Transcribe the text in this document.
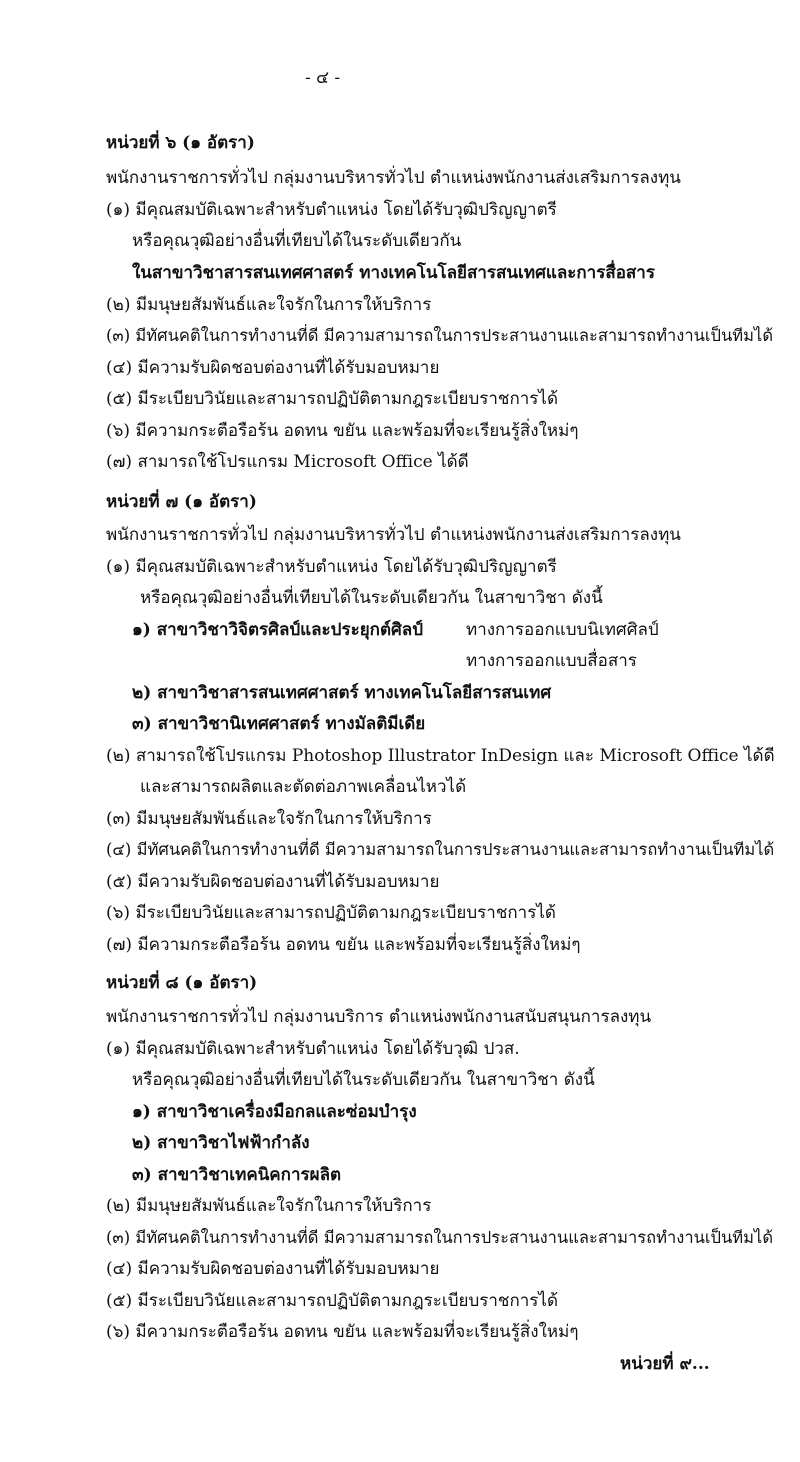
- ๔ -
หน่วยที่ ๖ (๑ อัตรา)
พนักงานราชการทั่วไป กลุ่มงานบริหารทั่วไป ตำแหน่งพนักงานส่งเสริมการลงทุน
(๑) มีคุณสมบัติเฉพาะสำหรับตำแหน่ง โดยได้รับวุฒิปริญญาตรี
หรือคุณวุฒิอย่างอื่นที่เทียบได้ในระดับเดียวกัน
ในสาขาวิชาสารสนเทศศาสตร์ ทางเทคโนโลยีสารสนเทศและการสื่อสาร
(๒) มีมนุษยสัมพันธ์และใจรักในการให้บริการ
(๓) มีทัศนคติในการทำงานที่ดี มีความสามารถในการประสานงานและสามารถทำงานเป็นทีมได้
(๔) มีความรับผิดชอบต่องานที่ได้รับมอบหมาย
(๕) มีระเบียบวินัยและสามารถปฏิบัติตามกฎระเบียบราชการได้
(๖) มีความกระตือรือร้น อดทน ขยัน และพร้อมที่จะเรียนรู้สิ่งใหม่ๆ
(๗) สามารถใช้โปรแกรม Microsoft Office ได้ดี
หน่วยที่ ๗ (๑ อัตรา)
พนักงานราชการทั่วไป กลุ่มงานบริหารทั่วไป ตำแหน่งพนักงานส่งเสริมการลงทุน
(๑) มีคุณสมบัติเฉพาะสำหรับตำแหน่ง โดยได้รับวุฒิปริญญาตรี
หรือคุณวุฒิอย่างอื่นที่เทียบได้ในระดับเดียวกัน ในสาขาวิชา ดังนี้
๑) สาขาวิชาวิจิตรศิลป์และประยุกต์ศิลป์	ทางการออกแบบนิเทศศิลป์
ทางการออกแบบสื่อสาร
๒) สาขาวิชาสารสนเทศศาสตร์ ทางเทคโนโลยีสารสนเทศ
๓) สาขาวิชานิเทศศาสตร์ ทางมัลติมีเดีย
(๒) สามารถใช้โปรแกรม Photoshop Illustrator InDesign และ Microsoft Office ได้ดี
และสามารถผลิตและตัดต่อภาพเคลื่อนไหวได้
(๓) มีมนุษยสัมพันธ์และใจรักในการให้บริการ
(๔) มีทัศนคติในการทำงานที่ดี มีความสามารถในการประสานงานและสามารถทำงานเป็นทีมได้
(๕) มีความรับผิดชอบต่องานที่ได้รับมอบหมาย
(๖) มีระเบียบวินัยและสามารถปฏิบัติตามกฎระเบียบราชการได้
(๗) มีความกระตือรือร้น อดทน ขยัน และพร้อมที่จะเรียนรู้สิ่งใหม่ๆ
หน่วยที่ ๘ (๑ อัตรา)
พนักงานราชการทั่วไป กลุ่มงานบริการ ตำแหน่งพนักงานสนับสนุนการลงทุน
(๑) มีคุณสมบัติเฉพาะสำหรับตำแหน่ง โดยได้รับวุฒิ ปวส.
หรือคุณวุฒิอย่างอื่นที่เทียบได้ในระดับเดียวกัน ในสาขาวิชา ดังนี้
๑) สาขาวิชาเครื่องมือกลและซ่อมบำรุง
๒) สาขาวิชาไฟฟ้ากำลัง
๓) สาขาวิชาเทคนิคการผลิต
(๒) มีมนุษยสัมพันธ์และใจรักในการให้บริการ
(๓) มีทัศนคติในการทำงานที่ดี มีความสามารถในการประสานงานและสามารถทำงานเป็นทีมได้
(๔) มีความรับผิดชอบต่องานที่ได้รับมอบหมาย
(๕) มีระเบียบวินัยและสามารถปฏิบัติตามกฎระเบียบราชการได้
(๖) มีความกระตือรือร้น อดทน ขยัน และพร้อมที่จะเรียนรู้สิ่งใหม่ๆ
หน่วยที่ ๙...
